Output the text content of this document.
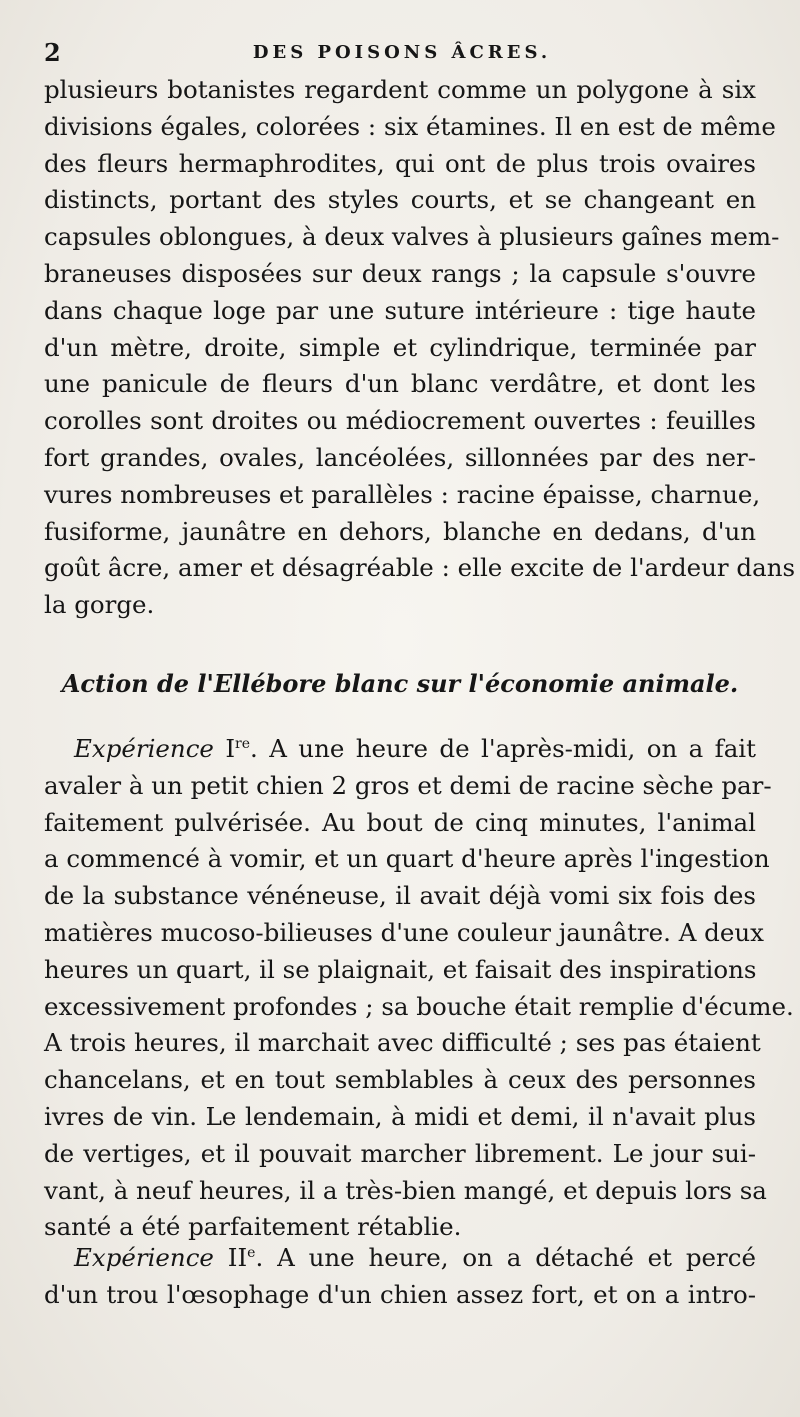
2	DES POISONS ÂCRES.
plusieurs botanistes regardent comme un polygone à six
divisions égales, colorées : six étamines. Il en est de même
des fleurs hermaphrodites, qui ont de plus trois ovaires
distincts, portant des styles courts, et se changeant en
capsules oblongues, à deux valves à plusieurs gaînes mem-
braneuses disposées sur deux rangs ; la capsule s'ouvre
dans chaque loge par une suture intérieure : tige haute
d'un mètre, droite, simple et cylindrique, terminée par
une panicule de fleurs d'un blanc verdâtre, et dont les
corolles sont droites ou médiocrement ouvertes : feuilles
fort grandes, ovales, lancéolées, sillonnées par des ner-
vures nombreuses et parallèles : racine épaisse, charnue,
fusiforme, jaunâtre en dehors, blanche en dedans, d'un
goût âcre, amer et désagréable : elle excite de l'ardeur dans
la gorge.
Action de l'Ellébore blanc sur l'économie animale.
Expérience Ire. A une heure de l'après-midi, on a fait
avaler à un petit chien 2 gros et demi de racine sèche par-
faitement pulvérisée. Au bout de cinq minutes, l'animal
a commencé à vomir, et un quart d'heure après l'ingestion
de la substance vénéneuse, il avait déjà vomi six fois des
matières mucoso-bilieuses d'une couleur jaunâtre. A deux
heures un quart, il se plaignait, et faisait des inspirations
excessivement profondes ; sa bouche était remplie d'écume.
A trois heures, il marchait avec difficulté ; ses pas étaient
chancelans, et en tout semblables à ceux des personnes
ivres de vin. Le lendemain, à midi et demi, il n'avait plus
de vertiges, et il pouvait marcher librement. Le jour sui-
vant, à neuf heures, il a très-bien mangé, et depuis lors sa
santé a été parfaitement rétablie.
Expérience IIe. A une heure, on a détaché et percé
d'un trou l'œsophage d'un chien assez fort, et on a intro-
